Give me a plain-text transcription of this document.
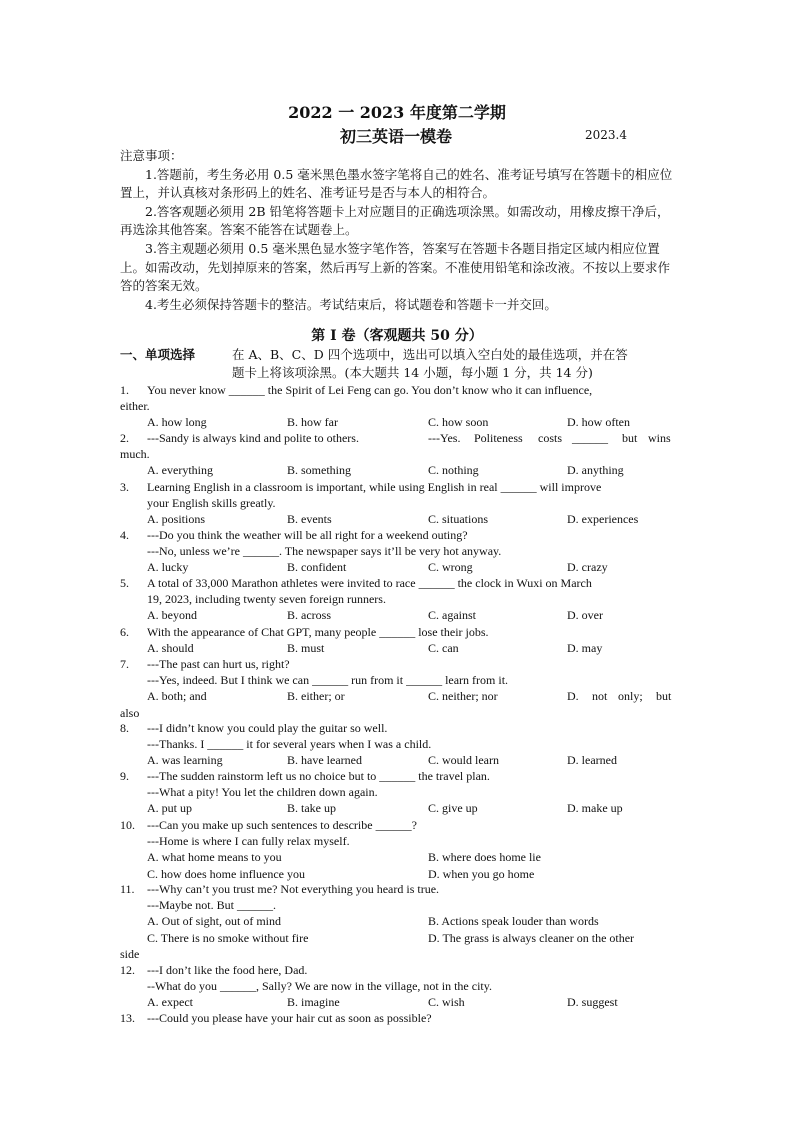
2022 一 2023 年度第二学期
初三英语一模卷	2023.4

注意事项：

1.答题前，考生务必用 0.5 毫米黑色墨水签字笔将自己的姓名、准考证号填写在答题卡的相应位置上，并认真核对条形码上的姓名、准考证号是否与本人的相符合。

2.答客观题必须用 2B 铅笔将答题卡上对应题目的正确选项涂黑。如需改动，用橡皮擦干净后，再选涂其他答案。答案不能答在试题卷上。

3.答主观题必须用 0.5 毫米黑色显水签字笔作答，答案写在答题卡各题目指定区域内相应位置上。如需改动，先划掉原来的答案，然后再写上新的答案。不准使用铅笔和涂改液。不按以上要求作答的答案无效。

4.考生必须保持答题卡的整洁。考试结束后，将试题卷和答题卡一并交回。

第 I 卷（客观题共 50 分）
一、单项选择	在 A、B、C、D 四个选项中，选出可以填入空白处的最佳选项，并在答
题卡上将该项涂黑。(本大题共 14 小题，每小题 1 分，共 14 分)
1. You never know ______ the Spirit of Lei Feng can go. You don’t know who it can influence,
either.
A. how long	B. how far	C. how soon	D. how often
2. ---Sandy is always kind and polite to others.	---Yes. Politeness costs ______ but wins
much.
A. everything	B. something	C. nothing	D. anything
3. Learning English in a classroom is important, while using English in real ______ will improve
your English skills greatly.
A. positions	B. events	C. situations	D. experiences
4. ---Do you think the weather will be all right for a weekend outing?
---No, unless we’re ______. The newspaper says it’ll be very hot anyway.
A. lucky	B. confident	C. wrong	D. crazy
5. A total of 33,000 Marathon athletes were invited to race ______ the clock in Wuxi on March
19, 2023, including twenty seven foreign runners.
A. beyond	B. across	C. against	D. over
6. With the appearance of Chat GPT, many people ______ lose their jobs.
A. should	B. must	C. can	D. may
7. ---The past can hurt us, right?
---Yes, indeed. But I think we can ______ run from it ______ learn from it.
A. both; and	B. either; or	C. neither; nor	D. not only; but
also
8. ---I didn’t know you could play the guitar so well.
---Thanks. I ______ it for several years when I was a child.
A. was learning	B. have learned	C. would learn	D. learned
9. ---The sudden rainstorm left us no choice but to ______ the travel plan.
---What a pity! You let the children down again.
A. put up	B. take up	C. give up	D. make up
10. ---Can you make up such sentences to describe ______?
---Home is where I can fully relax myself.
A. what home means to you	B. where does home lie
C. how does home influence you	D. when you go home
11. ---Why can’t you trust me? Not everything you heard is true.
---Maybe not. But ______.
A. Out of sight, out of mind	B. Actions speak louder than words
C. There is no smoke without fire	D. The grass is always cleaner on the other
side
12. ---I don’t like the food here, Dad.
--What do you ______, Sally? We are now in the village, not in the city.
A. expect	B. imagine	C. wish	D. suggest
13. ---Could you please have your hair cut as soon as possible?
